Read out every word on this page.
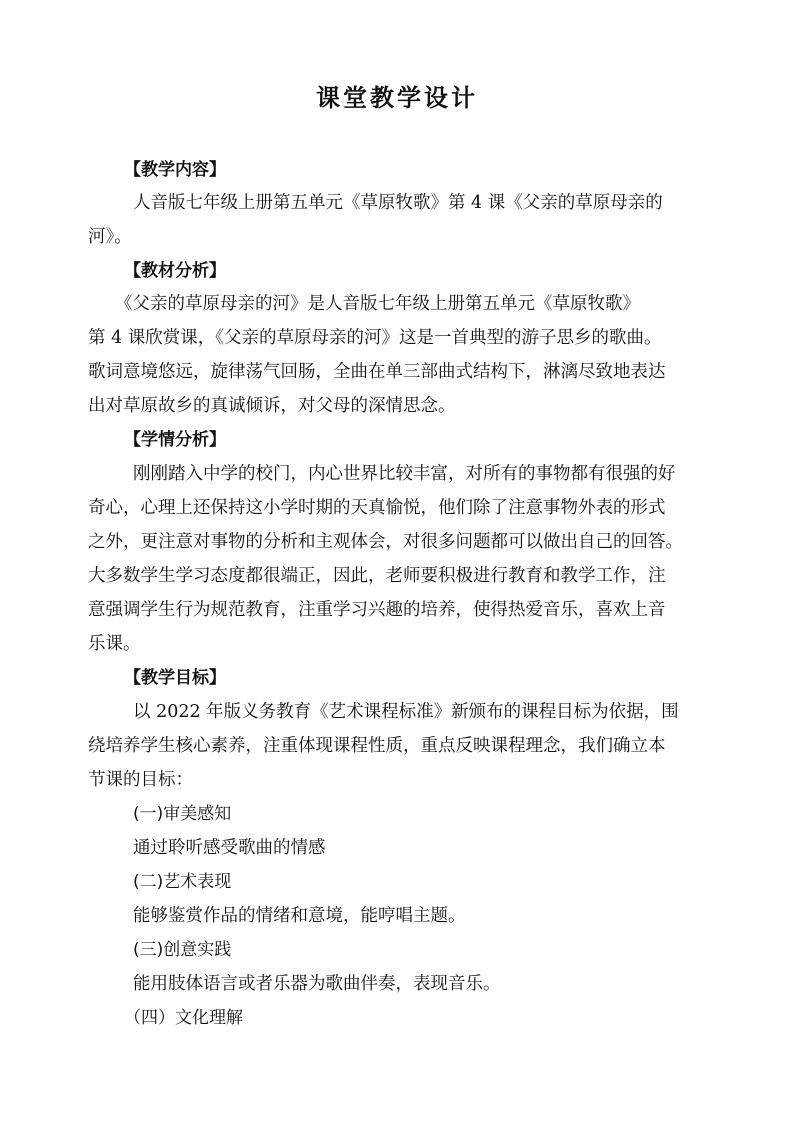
课堂教学设计
【教学内容】
人音版七年级上册第五单元《草原牧歌》第 4 课《父亲的草原母亲的
河》。
【教材分析】
《父亲的草原母亲的河》是人音版七年级上册第五单元《草原牧歌》
第 4 课欣赏课，《父亲的草原母亲的河》这是一首典型的游子思乡的歌曲。
歌词意境悠远，旋律荡气回肠，全曲在单三部曲式结构下，淋漓尽致地表达
出对草原故乡的真诚倾诉，对父母的深情思念。
【学情分析】
刚刚踏入中学的校门，内心世界比较丰富，对所有的事物都有很强的好
奇心，心理上还保持这小学时期的天真愉悦，他们除了注意事物外表的形式
之外，更注意对事物的分析和主观体会，对很多问题都可以做出自己的回答。
大多数学生学习态度都很端正，因此，老师要积极进行教育和教学工作，注
意强调学生行为规范教育，注重学习兴趣的培养，使得热爱音乐，喜欢上音
乐课。
【教学目标】
以 2022 年版义务教育《艺术课程标准》新颁布的课程目标为依据，围
绕培养学生核心素养，注重体现课程性质，重点反映课程理念，我们确立本
节课的目标：
(一)审美感知
通过聆听感受歌曲的情感
(二)艺术表现
能够鉴赏作品的情绪和意境，能哼唱主题。
(三)创意实践
能用肢体语言或者乐器为歌曲伴奏，表现音乐。
（四）文化理解
